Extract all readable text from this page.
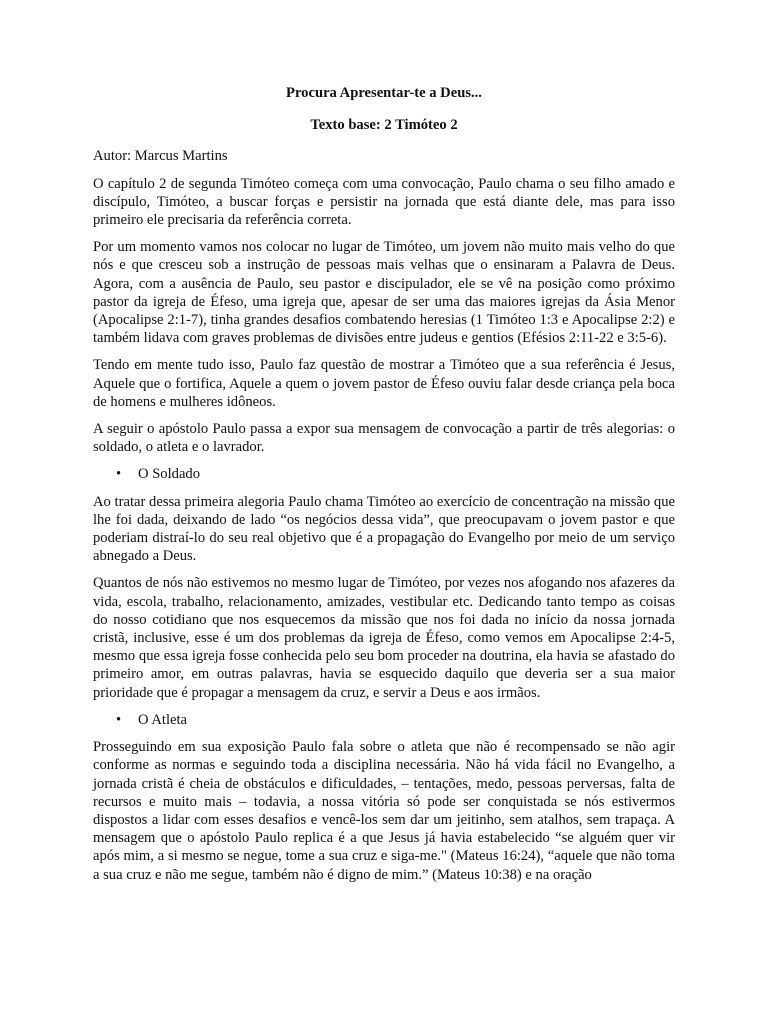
Procura Apresentar-te a Deus...
Texto base: 2 Timóteo 2

Autor: Marcus Martins

O capítulo 2 de segunda Timóteo começa com uma convocação, Paulo chama o seu filho amado e discípulo, Timóteo, a buscar forças e persistir na jornada que está diante dele, mas para isso primeiro ele precisaria da referência correta.

Por um momento vamos nos colocar no lugar de Timóteo, um jovem não muito mais velho do que nós e que cresceu sob a instrução de pessoas mais velhas que o ensinaram a Palavra de Deus. Agora, com a ausência de Paulo, seu pastor e discipulador, ele se vê na posição como próximo pastor da igreja de Éfeso, uma igreja que, apesar de ser uma das maiores igrejas da Ásia Menor (Apocalipse 2:1-7), tinha grandes desafios combatendo heresias (1 Timóteo 1:3 e Apocalipse 2:2) e também lidava com graves problemas de divisões entre judeus e gentios (Efésios 2:11-22 e 3:5-6).

Tendo em mente tudo isso, Paulo faz questão de mostrar a Timóteo que a sua referência é Jesus, Aquele que o fortifica, Aquele a quem o jovem pastor de Éfeso ouviu falar desde criança pela boca de homens e mulheres idôneos.

A seguir o apóstolo Paulo passa a expor sua mensagem de convocação a partir de três alegorias: o soldado, o atleta e o lavrador.

• O Soldado

Ao tratar dessa primeira alegoria Paulo chama Timóteo ao exercício de concentração na missão que lhe foi dada, deixando de lado “os negócios dessa vida”, que preocupavam o jovem pastor e que poderiam distraí-lo do seu real objetivo que é a propagação do Evangelho por meio de um serviço abnegado a Deus.

Quantos de nós não estivemos no mesmo lugar de Timóteo, por vezes nos afogando nos afazeres da vida, escola, trabalho, relacionamento, amizades, vestibular etc. Dedicando tanto tempo as coisas do nosso cotidiano que nos esquecemos da missão que nos foi dada no início da nossa jornada cristã, inclusive, esse é um dos problemas da igreja de Éfeso, como vemos em Apocalipse 2:4-5, mesmo que essa igreja fosse conhecida pelo seu bom proceder na doutrina, ela havia se afastado do primeiro amor, em outras palavras, havia se esquecido daquilo que deveria ser a sua maior prioridade que é propagar a mensagem da cruz, e servir a Deus e aos irmãos.

• O Atleta

Prosseguindo em sua exposição Paulo fala sobre o atleta que não é recompensado se não agir conforme as normas e seguindo toda a disciplina necessária. Não há vida fácil no Evangelho, a jornada cristã é cheia de obstáculos e dificuldades, – tentações, medo, pessoas perversas, falta de recursos e muito mais – todavia, a nossa vitória só pode ser conquistada se nós estivermos dispostos a lidar com esses desafios e vencê-los sem dar um jeitinho, sem atalhos, sem trapaça. A mensagem que o apóstolo Paulo replica é a que Jesus já havia estabelecido “se alguém quer vir após mim, a si mesmo se negue, tome a sua cruz e siga-me." (Mateus 16:24), “aquele que não toma a sua cruz e não me segue, também não é digno de mim.” (Mateus 10:38) e na oração
